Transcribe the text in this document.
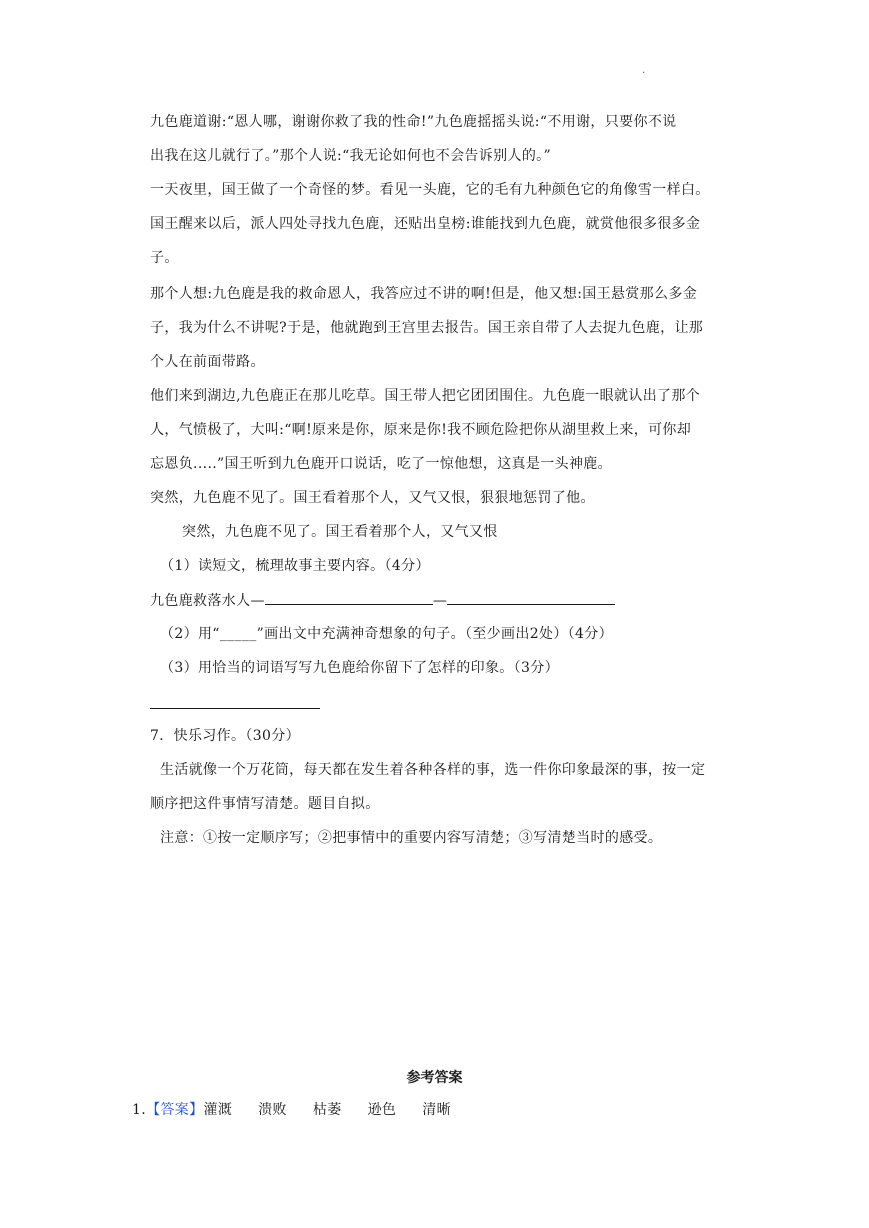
.
九色鹿道谢:“恩人哪，谢谢你救了我的性命!”九色鹿摇摇头说:“不用谢，只要你不说
出我在这儿就行了。”那个人说:“我无论如何也不会告诉别人的。”
一天夜里，国王做了一个奇怪的梦。看见一头鹿，它的毛有九种颜色它的角像雪一样白。
国王醒来以后，派人四处寻找九色鹿，还贴出皇榜:谁能找到九色鹿，就赏他很多很多金
子。
那个人想:九色鹿是我的救命恩人，我答应过不讲的啊!但是，他又想:国王悬赏那么多金
子，我为什么不讲呢?于是，他就跑到王宫里去报告。国王亲自带了人去捉九色鹿，让那
个人在前面带路。
他们来到湖边,九色鹿正在那儿吃草。国王带人把它团团围住。九色鹿一眼就认出了那个
人，气愤极了，大叫:“啊!原来是你，原来是你!我不顾危险把你从湖里救上来，可你却
忘恩负.....”国王听到九色鹿开口说话，吃了一惊他想，这真是一头神鹿。
突然，九色鹿不见了。国王看着那个人，又气又恨，狠狠地惩罚了他。
突然，九色鹿不见了。国王看着那个人，又气又恨
（1）读短文，梳理故事主要内容。（4分）
九色鹿救落水人—	—
（2）用“_____”画出文中充满神奇想象的句子。（至少画出2处）（4分）
（3）用恰当的词语写写九色鹿给你留下了怎样的印象。（3分）
7．快乐习作。（30分）
生活就像一个万花筒，每天都在发生着各种各样的事，选一件你印象最深的事，按一定
顺序把这件事情写清楚。题目自拟。
注意：①按一定顺序写；②把事情中的重要内容写清楚；③写清楚当时的感受。
参考答案
1.【答案】灌溉 溃败 枯萎 逊色 清晰
